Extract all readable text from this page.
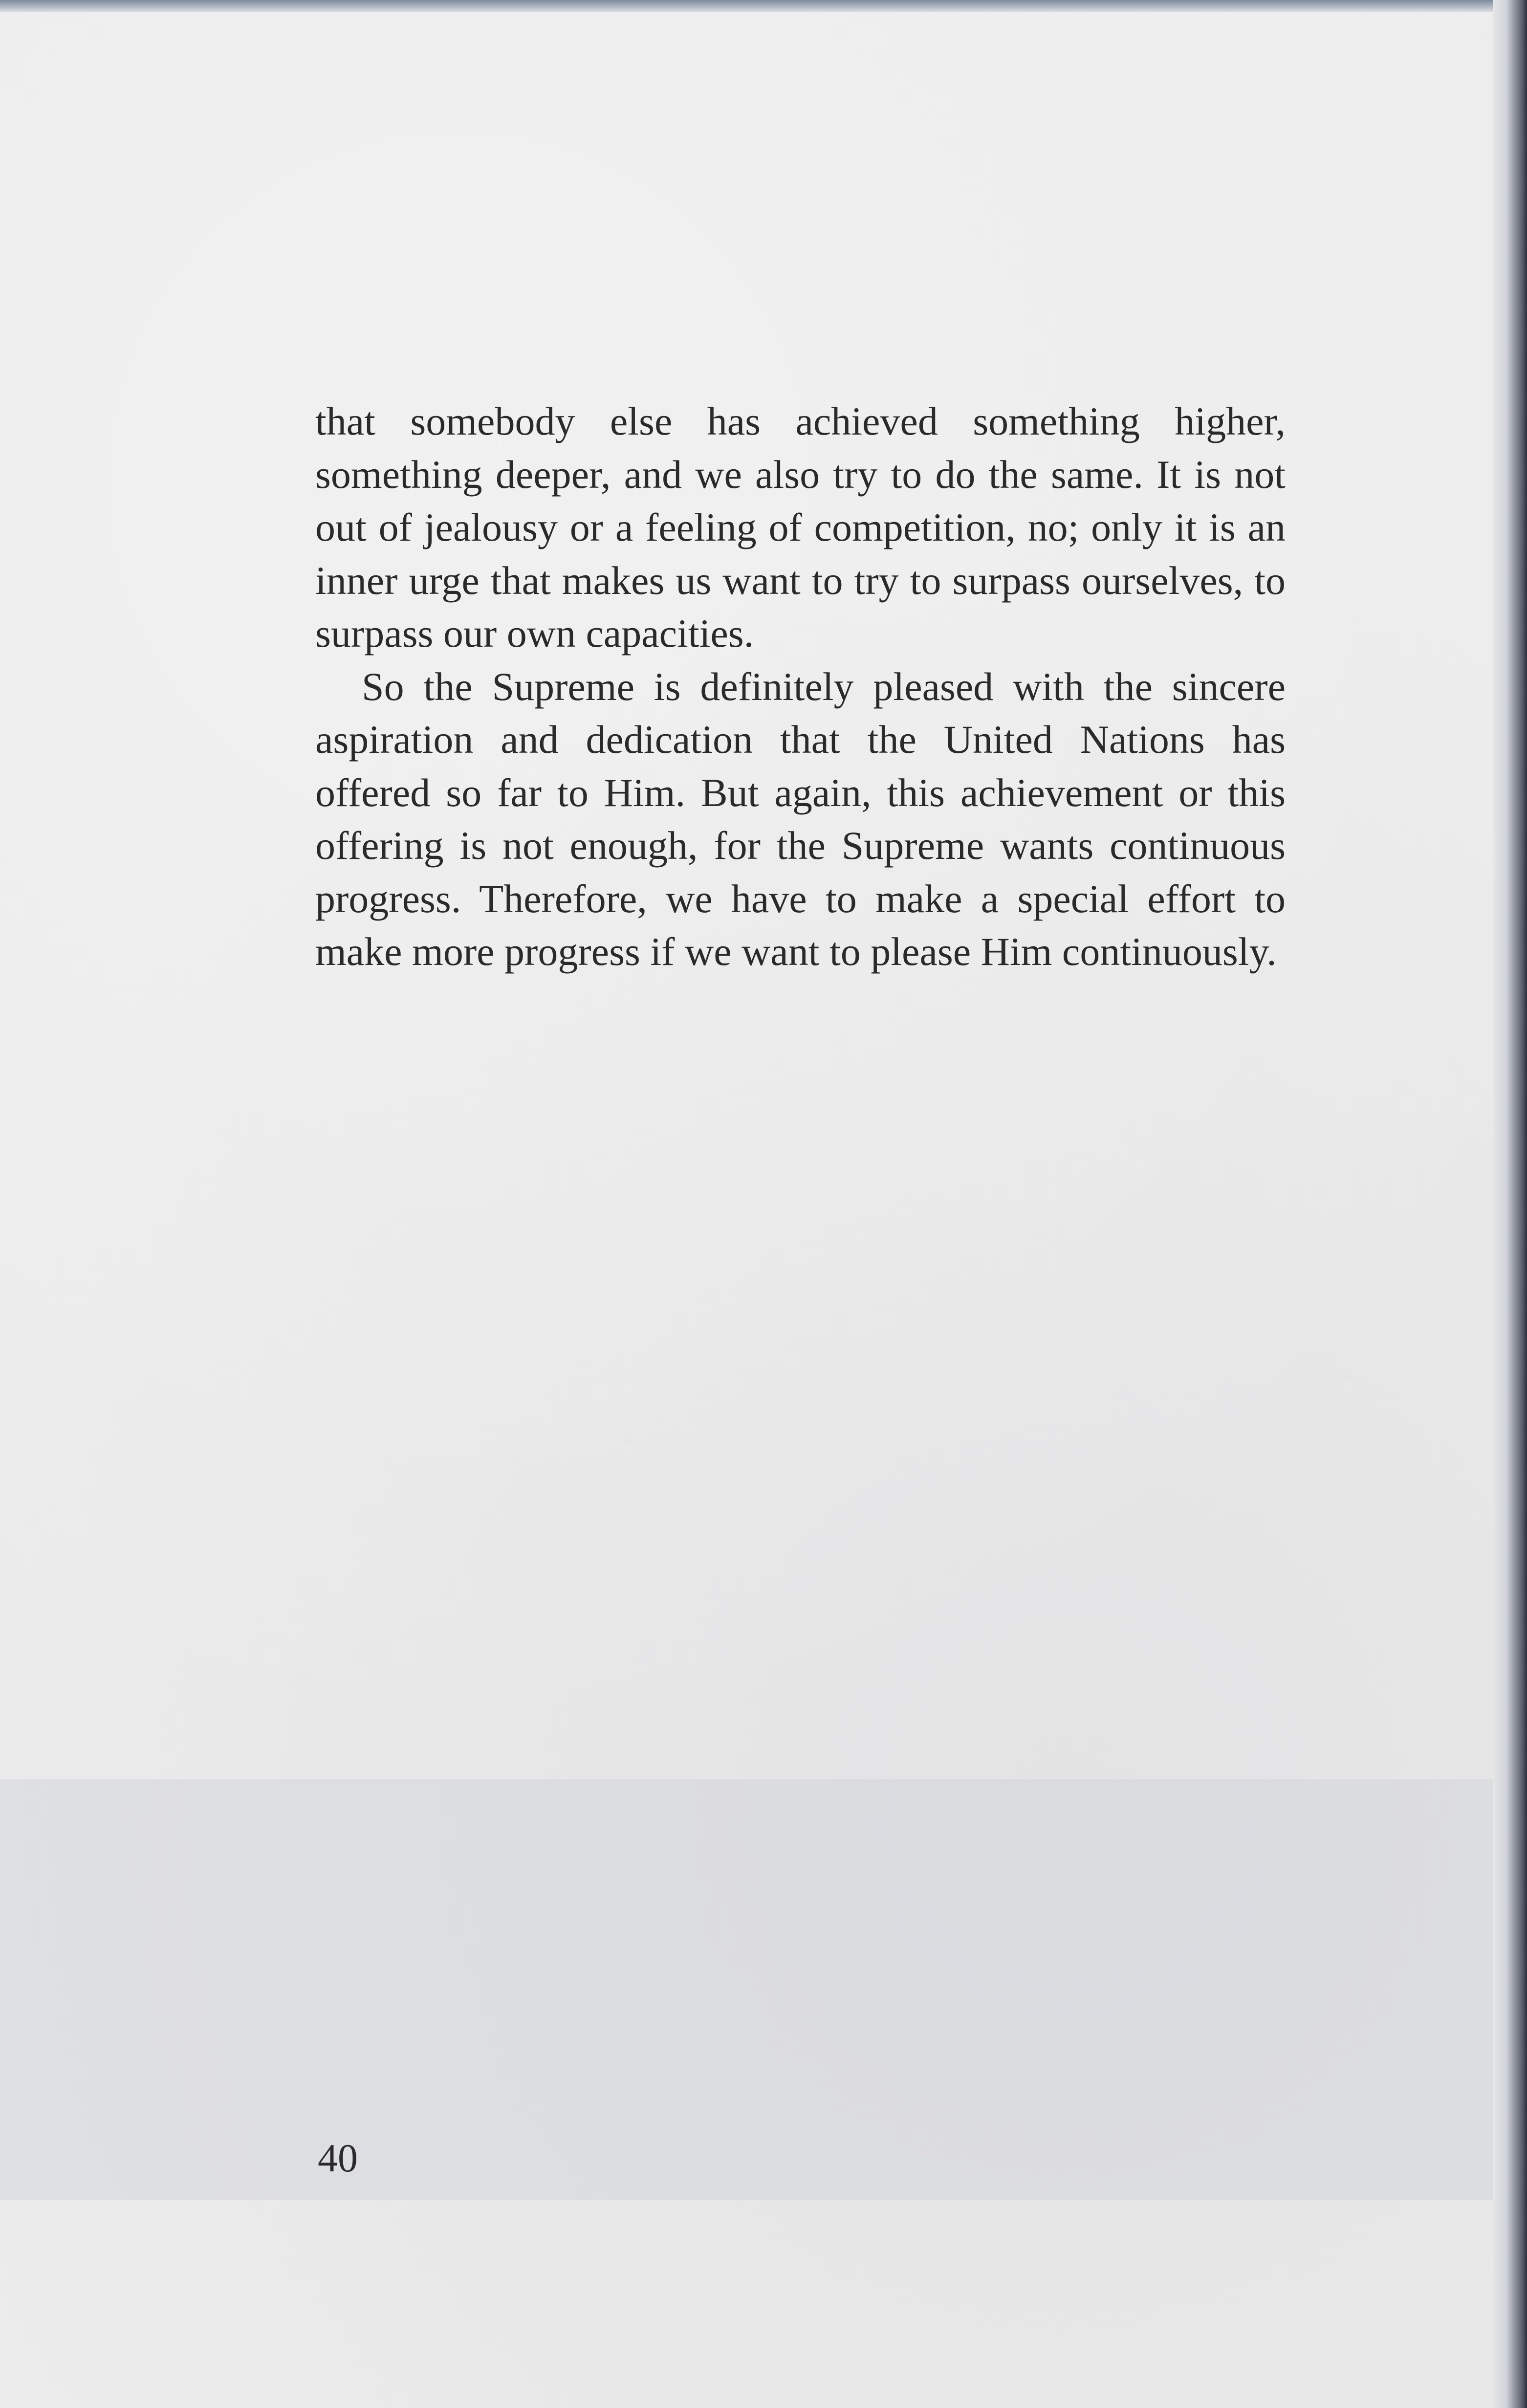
that somebody else has achieved something higher, something deeper, and we also try to do the same. It is not out of jealousy or a feeling of competition, no; only it is an inner urge that makes us want to try to surpass ourselves, to surpass our own capacities.

So the Supreme is definitely pleased with the sincere aspiration and dedication that the United Nations has offered so far to Him. But again, this achievement or this offering is not enough, for the Supreme wants continuous progress. Therefore, we have to make a special effort to make more progress if we want to please Him continuously.

40
